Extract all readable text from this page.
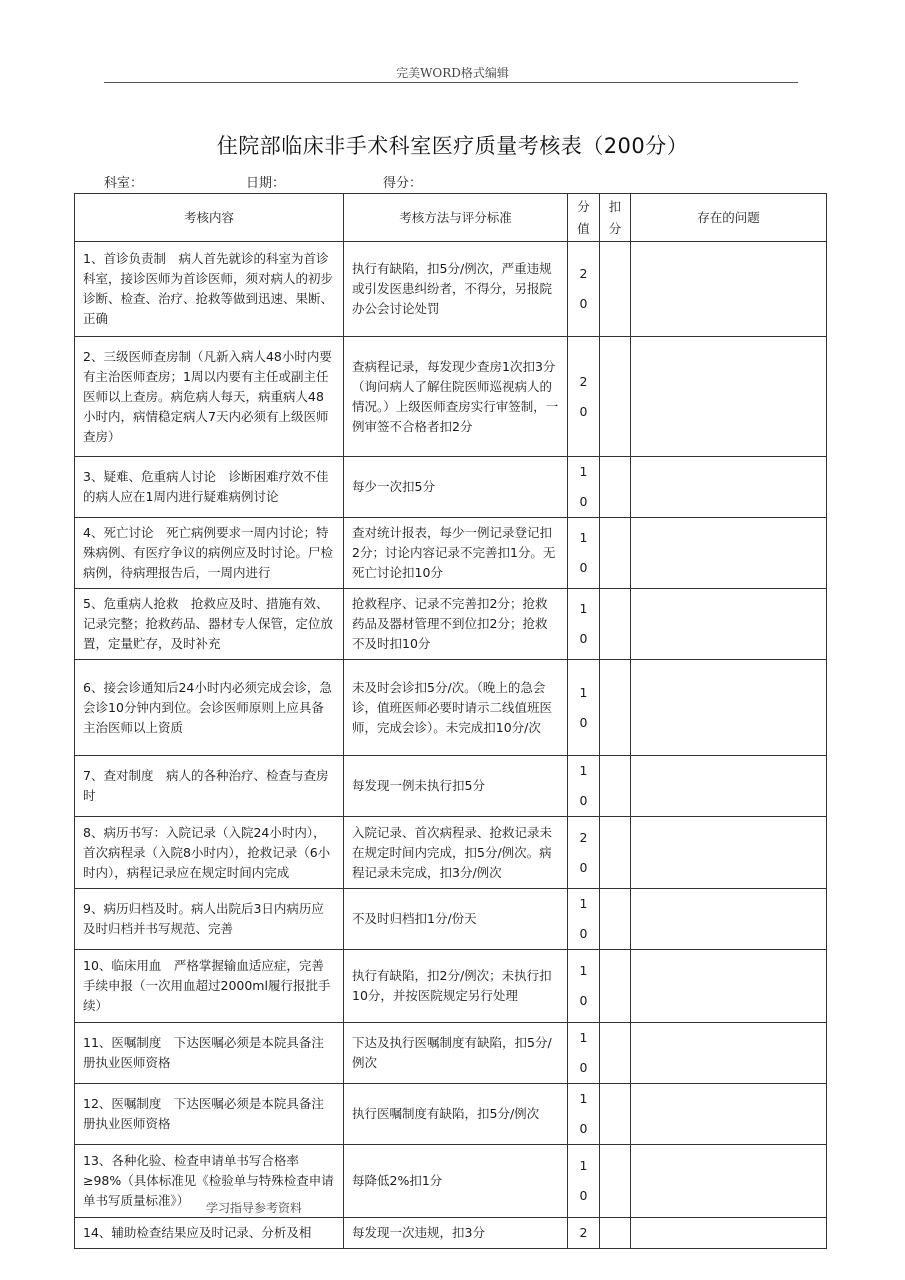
完美WORD格式编辑
住院部临床非手术科室医疗质量考核表（200分）
科室：	日期：	得分：
考核内容	考核方法与评分标准	分值	扣分	存在的问题
1、首诊负责制　病人首先就诊的科室为首诊科室，接诊医师为首诊医师，须对病人的初步诊断、检查、治疗、抢救等做到迅速、果断、正确	执行有缺陷，扣5分/例次，严重违规或引发医患纠纷者，不得分，另报院办公会讨论处罚	20		
2、三级医师查房制（凡新入病人48小时内要有主治医师查房；1周以内要有主任或副主任医师以上查房。病危病人每天，病重病人48小时内，病情稳定病人7天内必须有上级医师查房）	查病程记录，每发现少查房1次扣3分（询问病人了解住院医师巡视病人的情况。）上级医师查房实行审签制，一例审签不合格者扣2分	20		
3、疑难、危重病人讨论　诊断困难疗效不佳的病人应在1周内进行疑难病例讨论	每少一次扣5分	10		
4、死亡讨论　死亡病例要求一周内讨论；特殊病例、有医疗争议的病例应及时讨论。尸检病例，待病理报告后，一周内进行	查对统计报表，每少一例记录登记扣2分；讨论内容记录不完善扣1分。无死亡讨论扣10分	10		
5、危重病人抢救　抢救应及时、措施有效、记录完整；抢救药品、器材专人保管，定位放置，定量贮存，及时补充	抢救程序、记录不完善扣2分；抢救药品及器材管理不到位扣2分；抢救不及时扣10分	10		
6、接会诊通知后24小时内必须完成会诊，急会诊10分钟内到位。会诊医师原则上应具备主治医师以上资质	未及时会诊扣5分/次。（晚上的急会诊，值班医师必要时请示二线值班医师，完成会诊）。未完成扣10分/次	10		
7、查对制度　病人的各种治疗、检查与查房时	每发现一例未执行扣5分	10		
8、病历书写：入院记录（入院24小时内），首次病程录（入院8小时内），抢救记录（6小时内），病程记录应在规定时间内完成	入院记录、首次病程录、抢救记录未在规定时间内完成，扣5分/例次。病程记录未完成，扣3分/例次	20		
9、病历归档及时。病人出院后3日内病历应及时归档并书写规范、完善	不及时归档扣1分/份天	10		
10、临床用血　严格掌握输血适应症，完善手续申报（一次用血超过2000ml履行报批手续）	执行有缺陷，扣2分/例次；未执行扣10分，并按医院规定另行处理	10		
11、医嘱制度　下达医嘱必须是本院具备注册执业医师资格	下达及执行医嘱制度有缺陷，扣5分/例次	10		
12、医嘱制度　下达医嘱必须是本院具备注册执业医师资格	执行医嘱制度有缺陷，扣5分/例次	10		
13、各种化验、检查申请单书写合格率≥98%（具体标准见《检验单与特殊检查申请单书写质量标准》）	每降低2%扣1分	10		
14、辅助检查结果应及时记录、分析及相	每发现一次违规，扣3分	2		
学习指导参考资料
